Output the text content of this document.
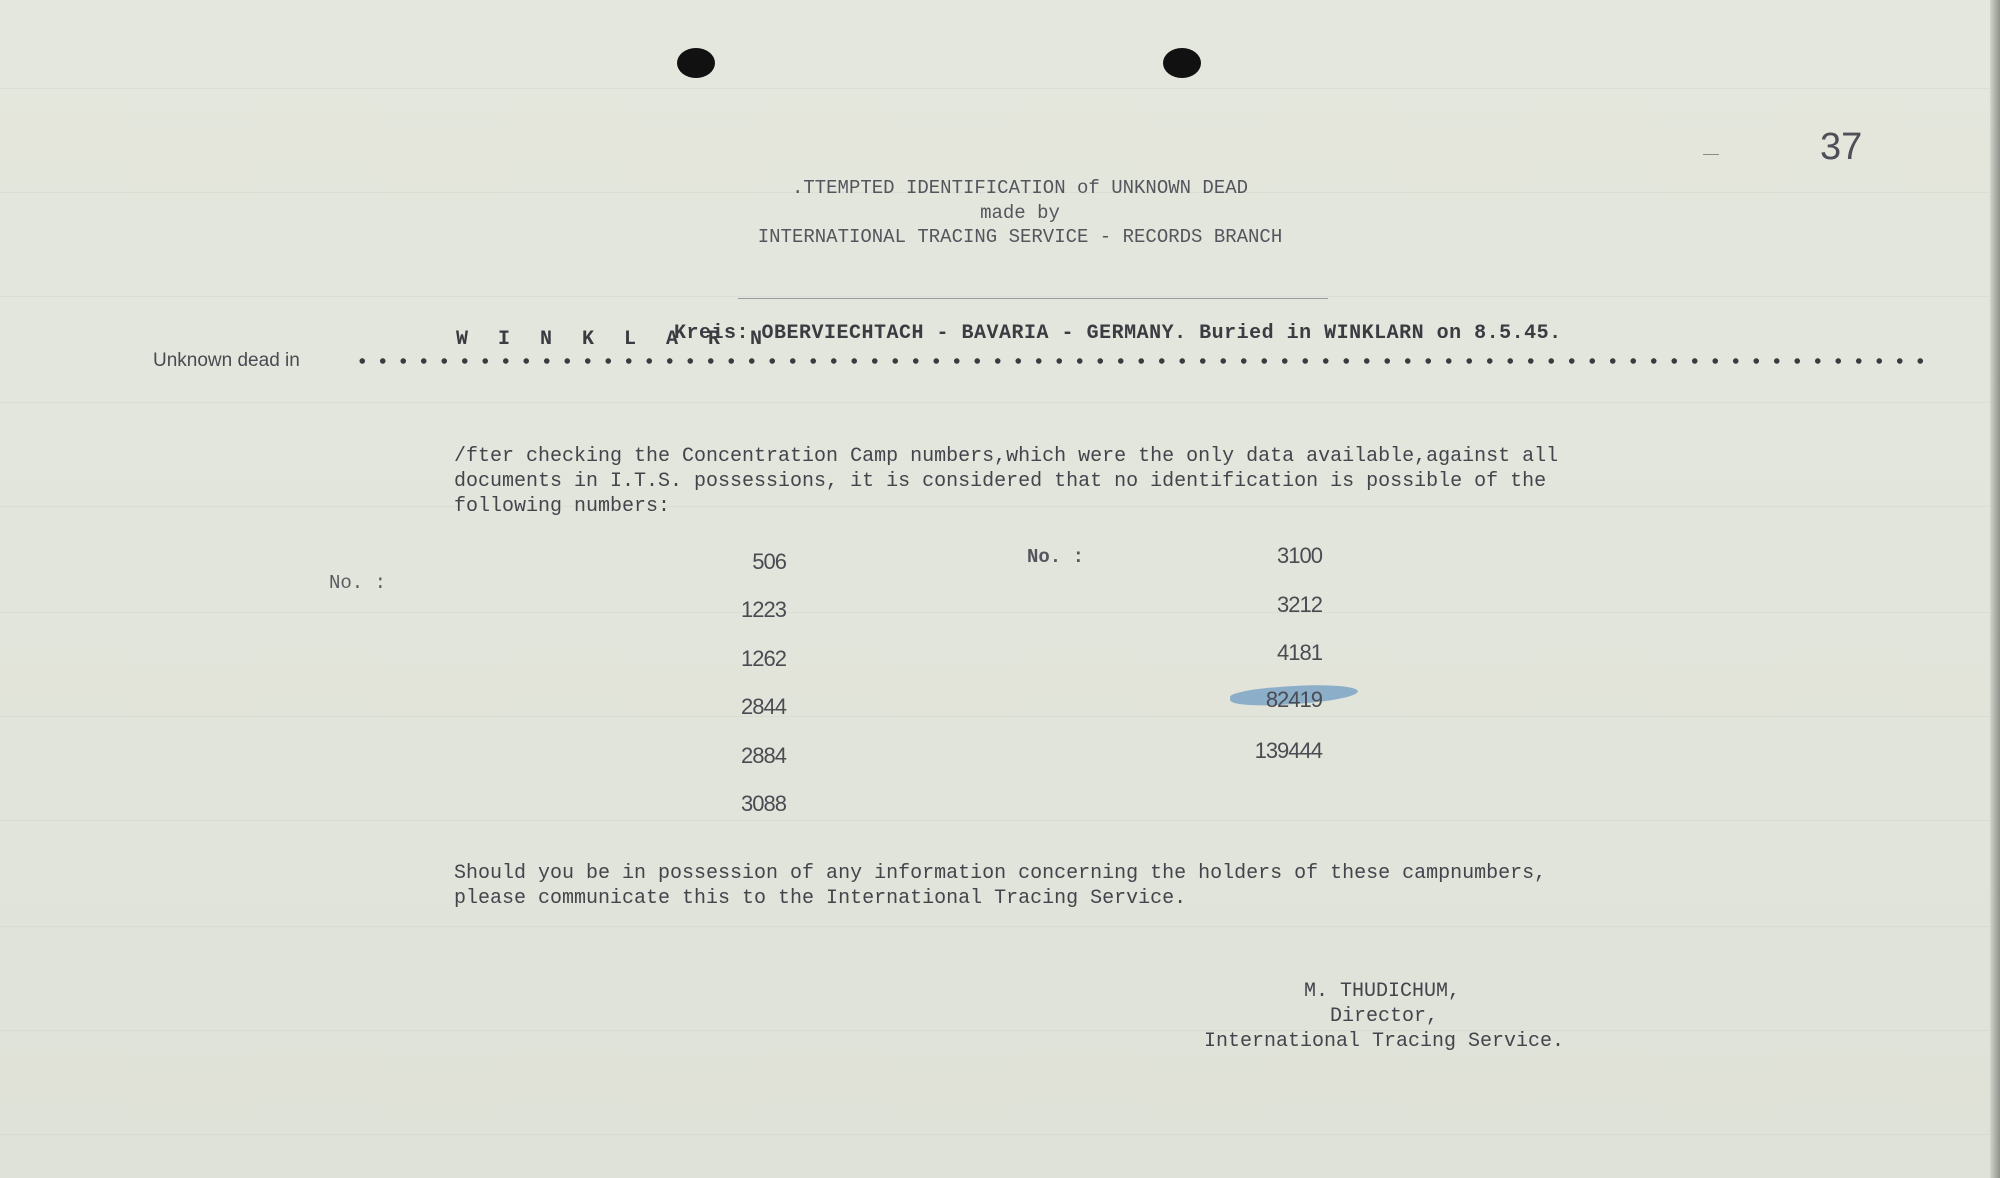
37
.TTEMPTED IDENTIFICATION of UNKNOWN DEAD
made by
INTERNATIONAL TRACING SERVICE - RECORDS BRANCH
Unknown dead in
W I N K L A R N
Kreis: OBERVIECHTACH - BAVARIA - GERMANY. Buried in WINKLARN on 8.5.45.
/fter checking the Concentration Camp numbers,which were the only data available,against all
documents in I.T.S. possessions, it is considered that no identification is possible of the
following numbers:
No. :
No. :
506
1223
1262
2844
2884
3088
3100
3212
4181
82419
139444
Should you be in possession of any information concerning the holders of these campnumbers,
please communicate this to the International Tracing Service.
M. THUDICHUM,
Director,
International Tracing Service.
